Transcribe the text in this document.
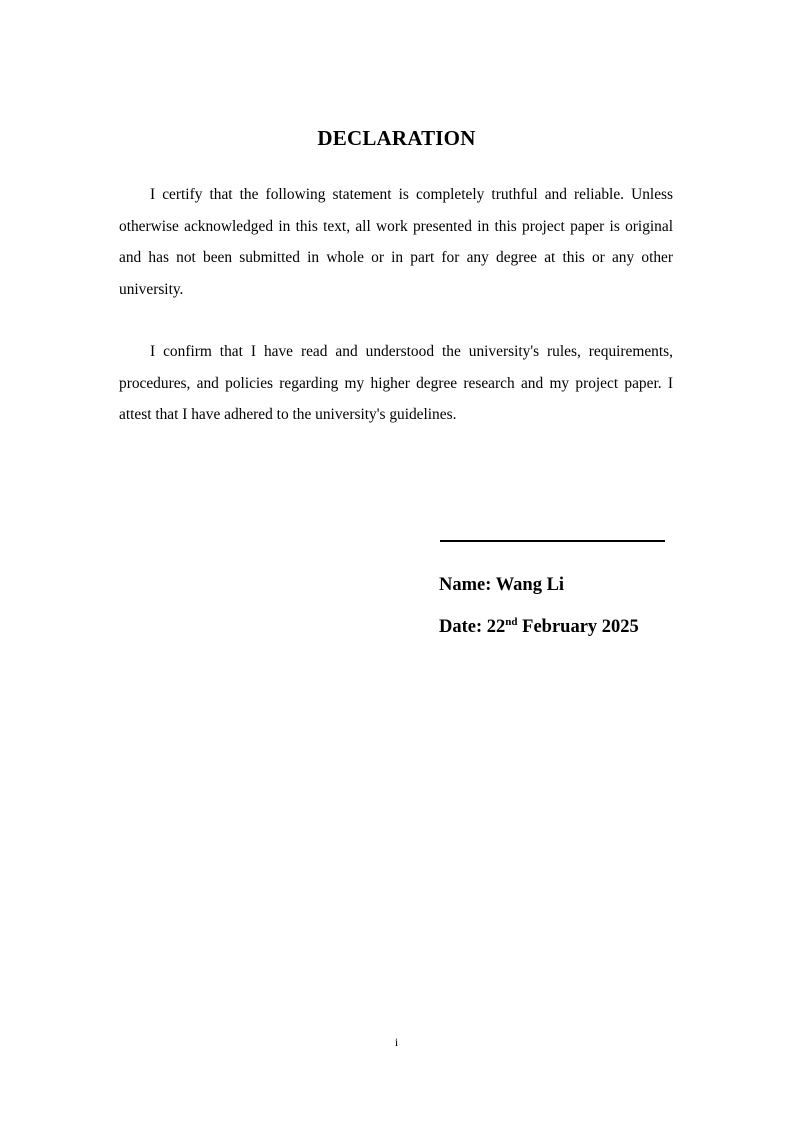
DECLARATION

I certify that the following statement is completely truthful and reliable. Unless otherwise acknowledged in this text, all work presented in this project paper is original and has not been submitted in whole or in part for any degree at this or any other university.

I confirm that I have read and understood the university's rules, requirements, procedures, and policies regarding my higher degree research and my project paper. I attest that I have adhered to the university's guidelines.

Name: Wang Li

Date: 22nd February 2025

i
